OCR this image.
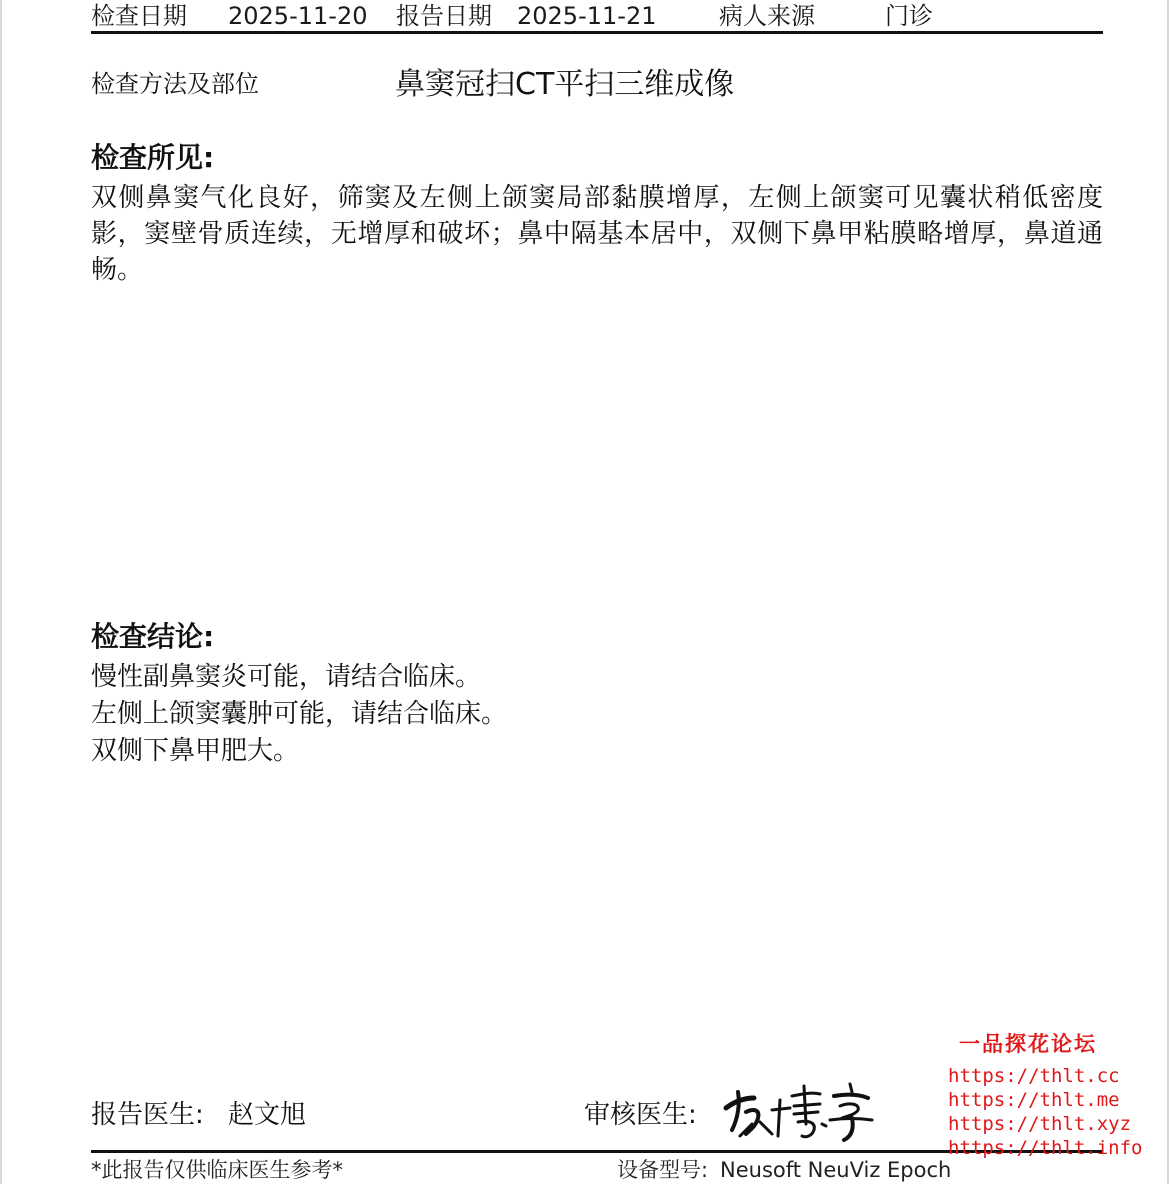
检查日期 2025-11-20 报告日期 2025-11-21	病人来源	门诊
检查方法及部位	鼻窦冠扫CT平扫三维成像
检查所见:
双侧鼻窦气化良好，筛窦及左侧上颌窦局部黏膜增厚，左侧上颌窦可见囊状稍低密度影，窦壁骨质连续，无增厚和破坏；鼻中隔基本居中，双侧下鼻甲粘膜略增厚，鼻道通畅。
检查结论:
慢性副鼻窦炎可能，请结合临床。
左侧上颌窦囊肿可能，请结合临床。
双侧下鼻甲肥大。
报告医生: 赵文旭	审核医生:
*此报告仅供临床医生参考*	设备型号: Neusoft NeuViz Epoch
一品探花论坛
https://thlt.cc
https://thlt.me
https://thlt.xyz
https://thlt.info
